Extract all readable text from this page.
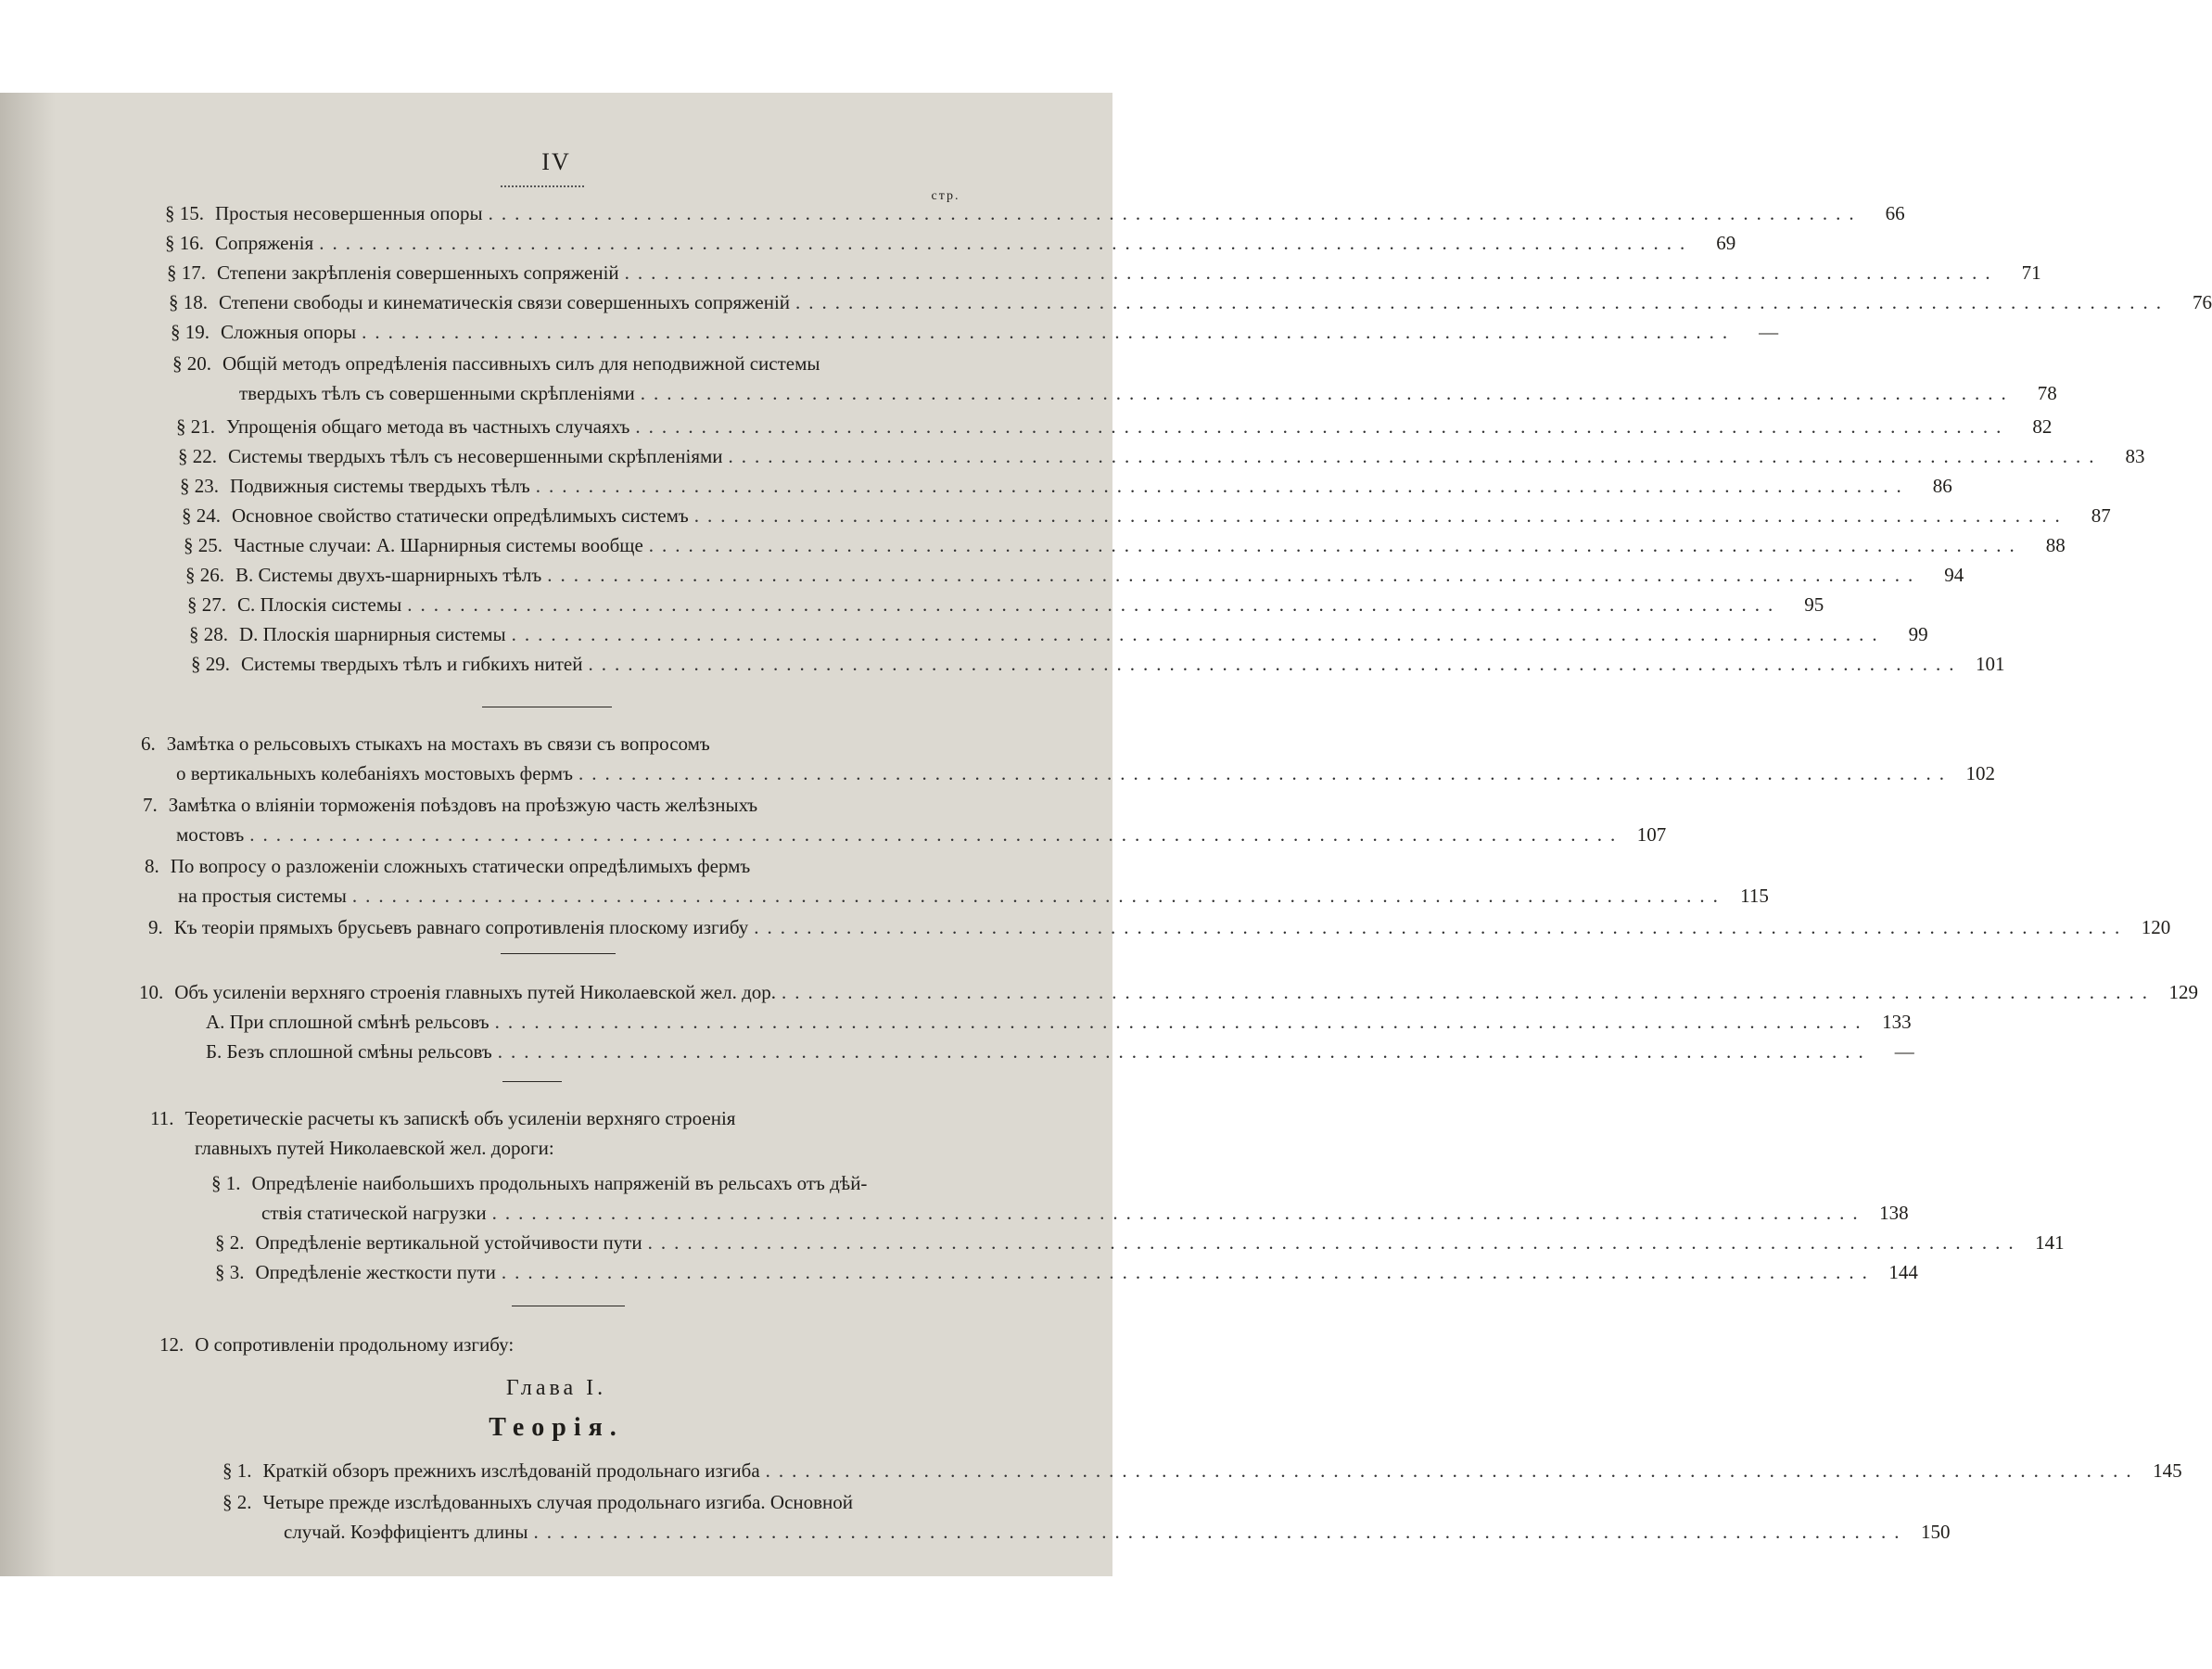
IV
стр.
§ 15. Простыя несовершенныя опоры ........................................................................................................	66
§ 16. Сопряженія ........................................................................................................	69
§ 17. Степени закрѣпленія совершенныхъ сопряженій ........................................................................................................	71
§ 18. Степени свободы и кинематическія связи совершенныхъ сопряженій ........................................................................................................	76
§ 19. Сложныя опоры ........................................................................................................	—
§ 20. Общій методъ опредѣленія пассивныхъ силъ для неподвижной системы
твердыхъ тѣлъ съ совершенными скрѣпленіями ........................................................................................................	78
§ 21. Упрощенія общаго метода въ частныхъ случаяхъ ........................................................................................................	82
§ 22. Системы твердыхъ тѣлъ съ несовершенными скрѣпленіями ........................................................................................................	83
§ 23. Подвижныя системы твердыхъ тѣлъ ........................................................................................................	86
§ 24. Основное свойство статически опредѣлимыхъ системъ ........................................................................................................	87
§ 25. Частные случаи: А. Шарнирныя системы вообще ........................................................................................................	88
§ 26. В. Системы двухъ-шарнирныхъ тѣлъ ........................................................................................................	94
§ 27. С. Плоскія системы ........................................................................................................	95
§ 28. D. Плоскія шарнирныя системы ........................................................................................................	99
§ 29. Системы твердыхъ тѣлъ и гибкихъ нитей ........................................................................................................ 101
6. Замѣтка о рельсовыхъ стыкахъ на мостахъ въ связи съ вопросомъ
о вертикальныхъ колебаніяхъ мостовыхъ фермъ ........................................................................................................ 102
7. Замѣтка о вліяніи торможенія поѣздовъ на проѣзжую часть желѣзныхъ
мостовъ ........................................................................................................ 107
8. По вопросу о разложеніи сложныхъ статически опредѣлимыхъ фермъ
на простыя системы ........................................................................................................ 115
9. Къ теоріи прямыхъ брусьевъ равнаго сопротивленія плоскому изгибу ........................................................................................................ 120
10. Объ усиленіи верхняго строенія главныхъ путей Николаевской жел. дор. ........................................................................................................ 129
А. При сплошной смѣнѣ рельсовъ ........................................................................................................ 133
Б. Безъ сплошной смѣны рельсовъ ........................................................................................................	—
11. Теоретическіе расчеты къ запискѣ объ усиленіи верхняго строенія
главныхъ путей Николаевской жел. дороги:
§ 1. Опредѣленіе наибольшихъ продольныхъ напряженій въ рельсахъ отъ дѣй-
ствія статической нагрузки ........................................................................................................ 138
§ 2. Опредѣленіе вертикальной устойчивости пути ........................................................................................................ 141
§ 3. Опредѣленіе жесткости пути ........................................................................................................ 144
12. О сопротивленіи продольному изгибу:
Глава I.
Теорія.
§ 1. Краткій обзоръ прежнихъ изслѣдованій продольнаго изгиба ........................................................................................................ 145
§ 2. Четыре прежде изслѣдованныхъ случая продольнаго изгиба. Основной
случай. Коэффиціентъ длины ........................................................................................................ 150
